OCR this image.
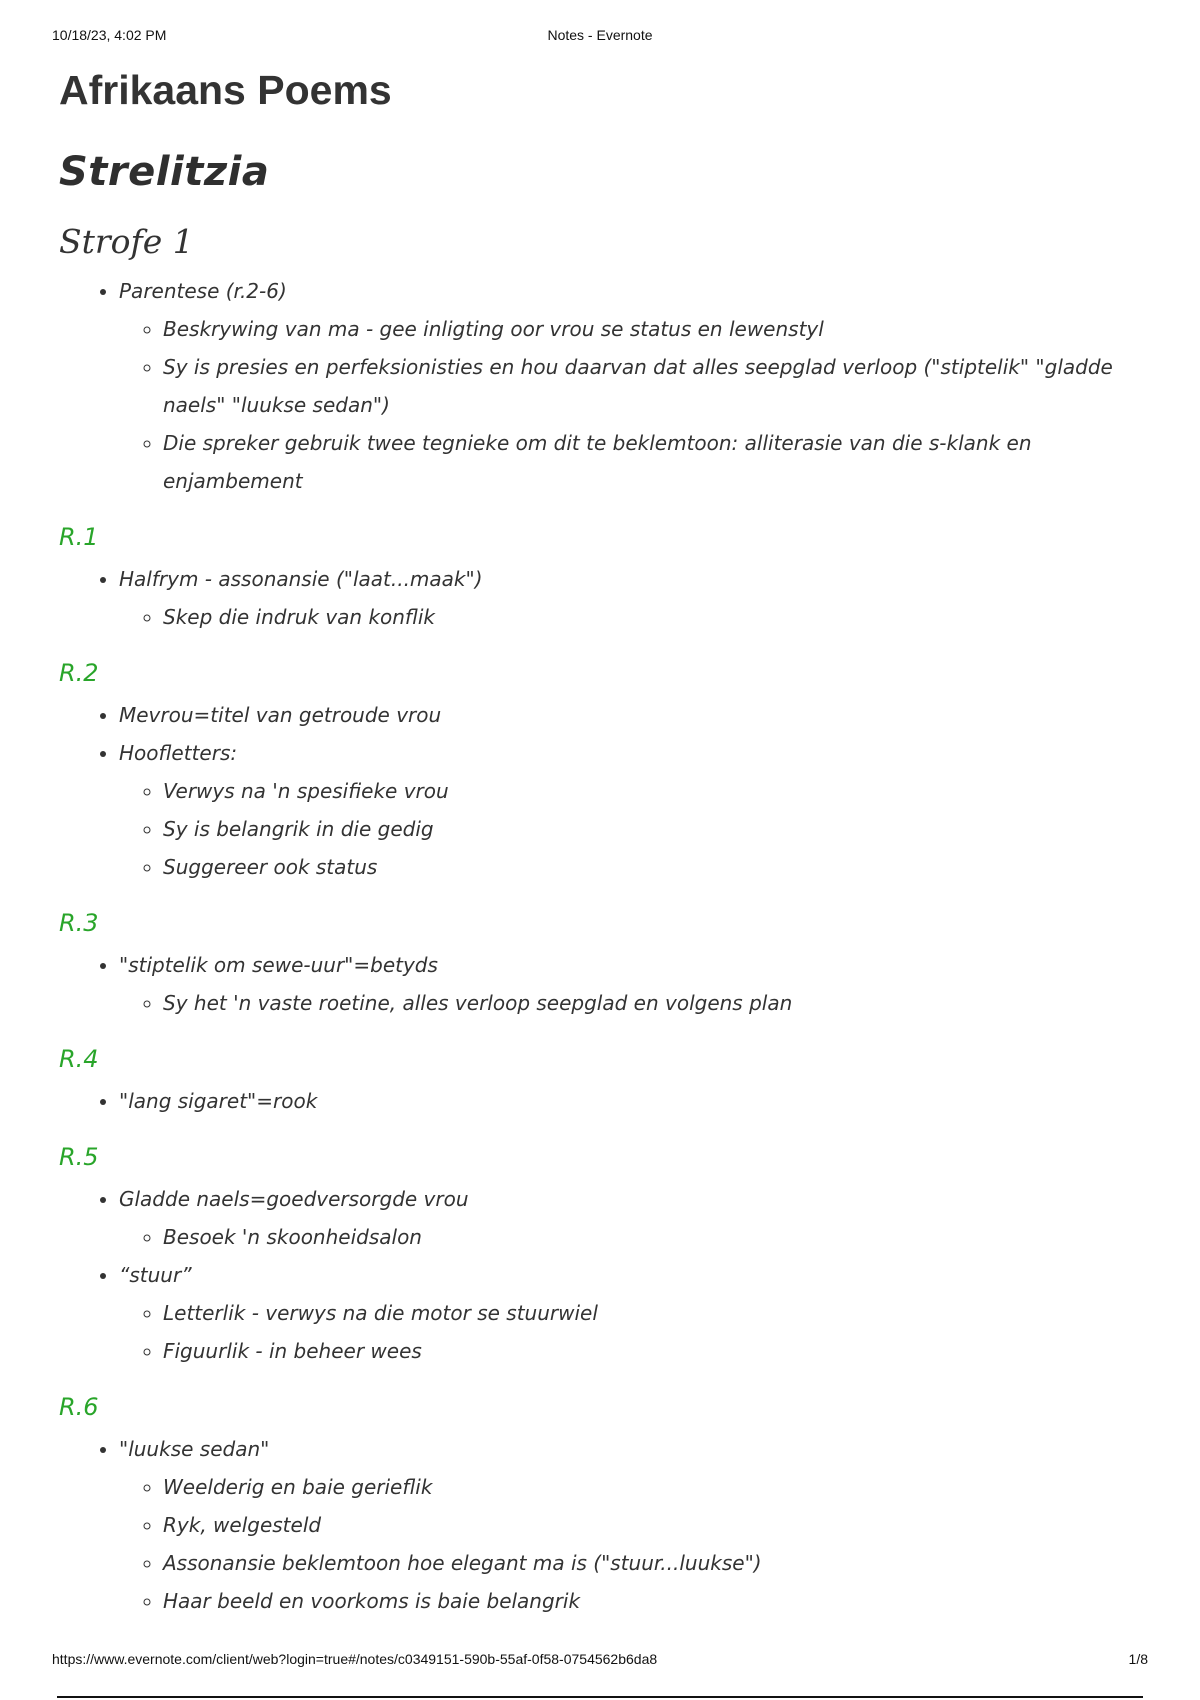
10/18/23, 4:02 PM	Notes - Evernote
Afrikaans Poems
Strelitzia
Strofe 1
• Parentese (r.2-6)
◦ Beskrywing van ma - gee inligting oor vrou se status en lewenstyl
◦ Sy is presies en perfeksionisties en hou daarvan dat alles seepglad verloop ("stiptelik" "gladde naels" "luukse sedan")
◦ Die spreker gebruik twee tegnieke om dit te beklemtoon: alliterasie van die s-klank en enjambement
R.1
• Halfrym - assonansie ("laat...maak")
◦ Skep die indruk van konflik
R.2
• Mevrou=titel van getroude vrou
• Hoofletters:
◦ Verwys na 'n spesifieke vrou
◦ Sy is belangrik in die gedig
◦ Suggereer ook status
R.3
• "stiptelik om sewe-uur"=betyds
◦ Sy het 'n vaste roetine, alles verloop seepglad en volgens plan
R.4
• "lang sigaret"=rook
R.5
• Gladde naels=goedversorgde vrou
◦ Besoek 'n skoonheidsalon
• “stuur”
◦ Letterlik - verwys na die motor se stuurwiel
◦ Figuurlik - in beheer wees
R.6
• "luukse sedan"
◦ Weelderig en baie gerieflik
◦ Ryk, welgesteld
◦ Assonansie beklemtoon hoe elegant ma is ("stuur...luukse")
◦ Haar beeld en voorkoms is baie belangrik
https://www.evernote.com/client/web?login=true#/notes/c0349151-590b-55af-0f58-0754562b6da8	1/8
